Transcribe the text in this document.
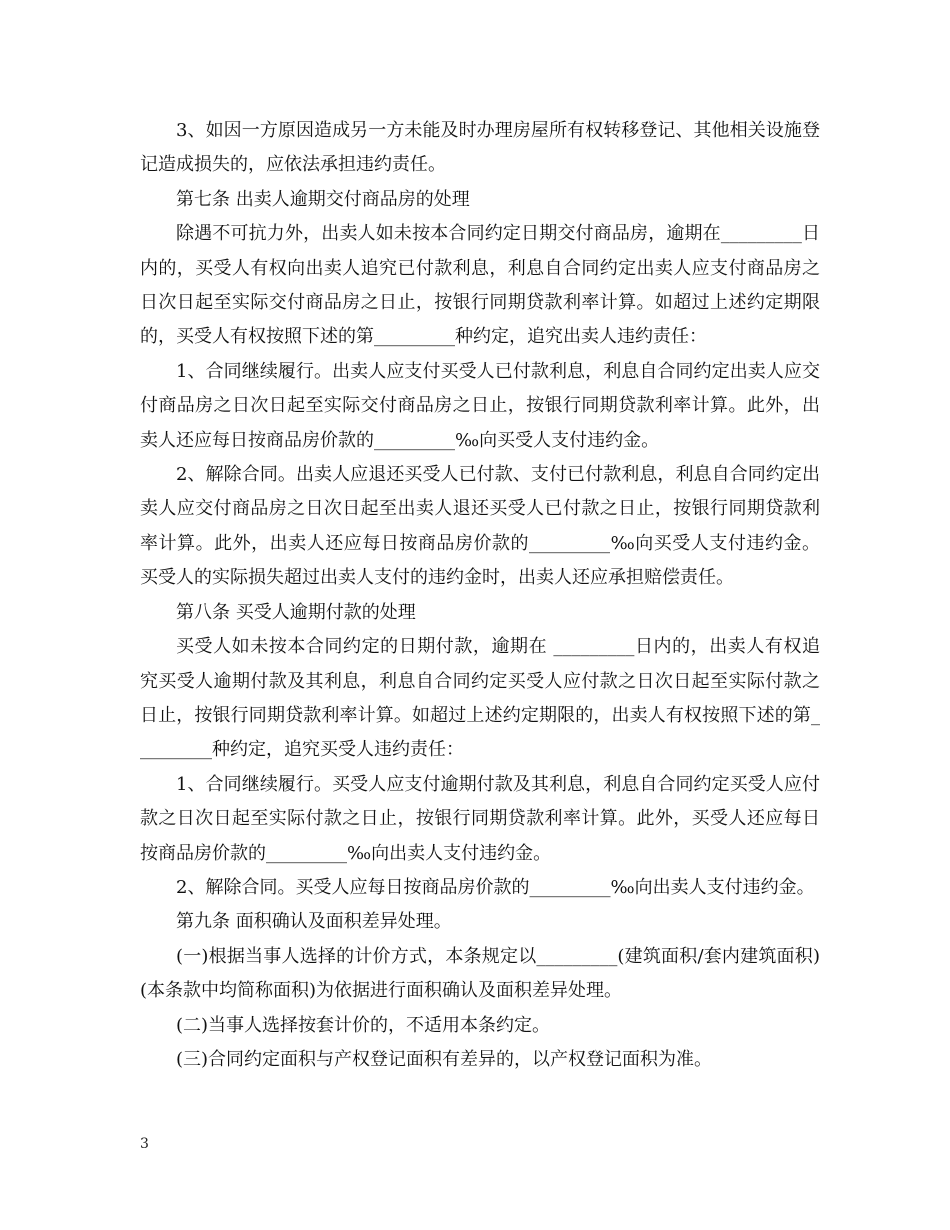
3、如因一方原因造成另一方未能及时办理房屋所有权转移登记、其他相关设施登记造成损失的，应依法承担违约责任。

第七条 出卖人逾期交付商品房的处理

除遇不可抗力外，出卖人如未按本合同约定日期交付商品房，逾期在_________日内的，买受人有权向出卖人追究已付款利息，利息自合同约定出卖人应支付商品房之日次日起至实际交付商品房之日止，按银行同期贷款利率计算。如超过上述约定期限的，买受人有权按照下述的第_________种约定，追究出卖人违约责任：

1、合同继续履行。出卖人应支付买受人已付款利息，利息自合同约定出卖人应交付商品房之日次日起至实际交付商品房之日止，按银行同期贷款利率计算。此外，出卖人还应每日按商品房价款的_________‰向买受人支付违约金。

2、解除合同。出卖人应退还买受人已付款、支付已付款利息，利息自合同约定出卖人应交付商品房之日次日起至出卖人退还买受人已付款之日止，按银行同期贷款利率计算。此外，出卖人还应每日按商品房价款的_________‰向买受人支付违约金。买受人的实际损失超过出卖人支付的违约金时，出卖人还应承担赔偿责任。

第八条 买受人逾期付款的处理

买受人如未按本合同约定的日期付款，逾期在 _________日内的，出卖人有权追究买受人逾期付款及其利息，利息自合同约定买受人应付款之日次日起至实际付款之日止，按银行同期贷款利率计算。如超过上述约定期限的，出卖人有权按照下述的第_________种约定，追究买受人违约责任：

1、合同继续履行。买受人应支付逾期付款及其利息，利息自合同约定买受人应付款之日次日起至实际付款之日止，按银行同期贷款利率计算。此外，买受人还应每日按商品房价款的_________‰向出卖人支付违约金。

2、解除合同。买受人应每日按商品房价款的_________‰向出卖人支付违约金。

第九条 面积确认及面积差异处理。

(一)根据当事人选择的计价方式，本条规定以_________(建筑面积/套内建筑面积)(本条款中均简称面积)为依据进行面积确认及面积差异处理。

(二)当事人选择按套计价的，不适用本条约定。

(三)合同约定面积与产权登记面积有差异的，以产权登记面积为准。

3
